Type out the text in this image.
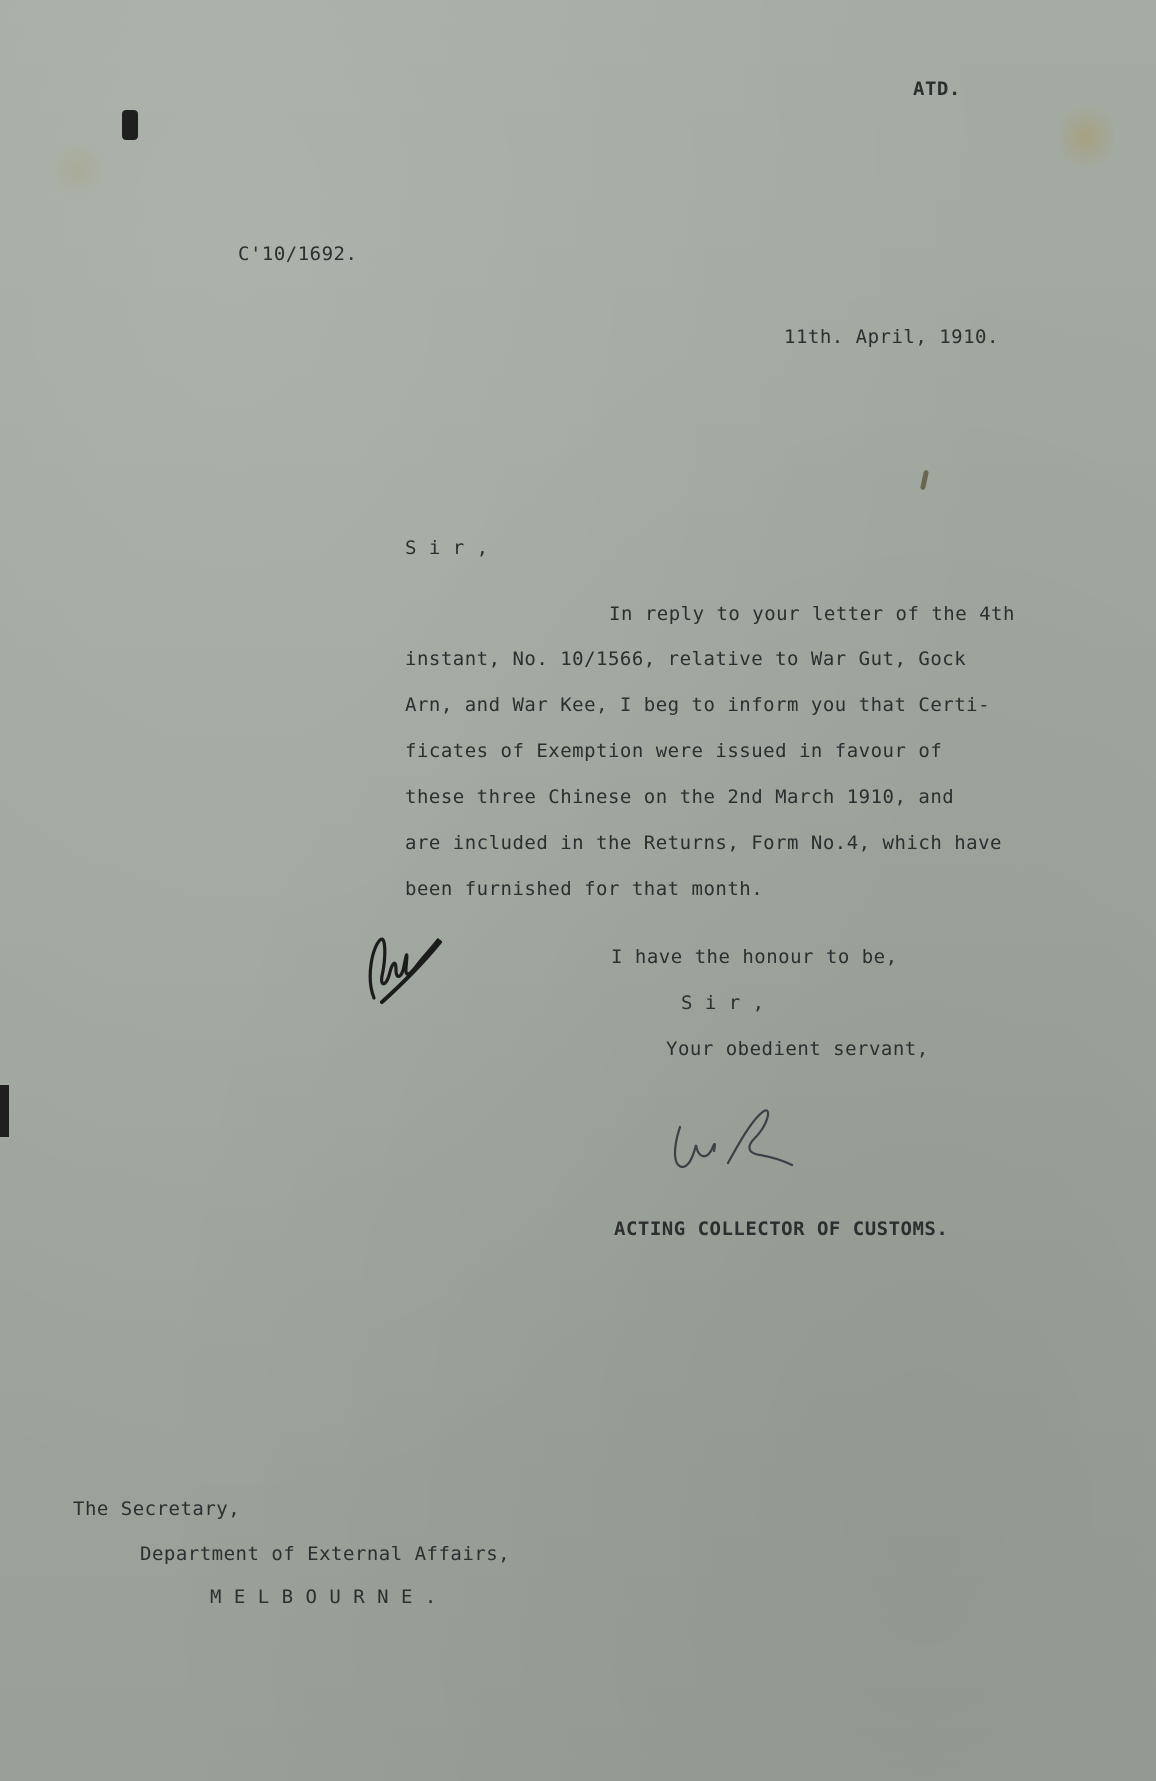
ATD.
C'10/1692.
11th. April, 1910.
S i r ,
In reply to your letter of the 4th
instant, No. 10/1566, relative to War Gut, Gock
Arn, and War Kee, I beg to inform you that Certi-
ficates of Exemption were issued in favour of
these three Chinese on the 2nd March 1910, and
are included in the Returns, Form No.4, which have
been furnished for that month.
I have the honour to be,
S i r ,
Your obedient servant,
ACTING COLLECTOR OF CUSTOMS.
The Secretary,
Department of External Affairs,
M E L B O U R N E .
